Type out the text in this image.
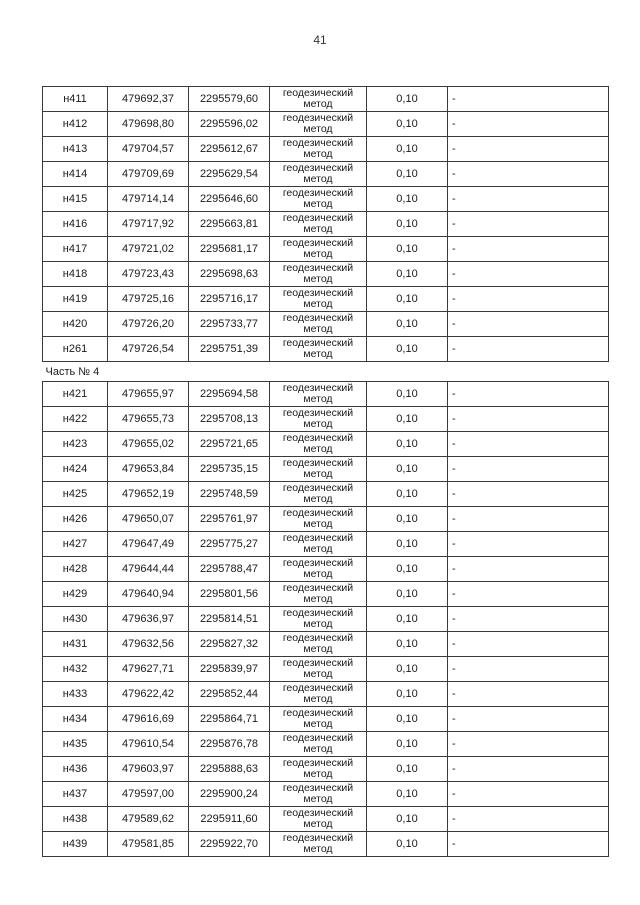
41
н411	479692,37	2295579,60	геодезический метод	0,10	-
н412	479698,80	2295596,02	геодезический метод	0,10	-
н413	479704,57	2295612,67	геодезический метод	0,10	-
н414	479709,69	2295629,54	геодезический метод	0,10	-
н415	479714,14	2295646,60	геодезический метод	0,10	-
н416	479717,92	2295663,81	геодезический метод	0,10	-
н417	479721,02	2295681,17	геодезический метод	0,10	-
н418	479723,43	2295698,63	геодезический метод	0,10	-
н419	479725,16	2295716,17	геодезический метод	0,10	-
н420	479726,20	2295733,77	геодезический метод	0,10	-
н261	479726,54	2295751,39	геодезический метод	0,10	-
Часть № 4					
н421	479655,97	2295694,58	геодезический метод	0,10	-
н422	479655,73	2295708,13	геодезический метод	0,10	-
н423	479655,02	2295721,65	геодезический метод	0,10	-
н424	479653,84	2295735,15	геодезический метод	0,10	-
н425	479652,19	2295748,59	геодезический метод	0,10	-
н426	479650,07	2295761,97	геодезический метод	0,10	-
н427	479647,49	2295775,27	геодезический метод	0,10	-
н428	479644,44	2295788,47	геодезический метод	0,10	-
н429	479640,94	2295801,56	геодезический метод	0,10	-
н430	479636,97	2295814,51	геодезический метод	0,10	-
н431	479632,56	2295827,32	геодезический метод	0,10	-
н432	479627,71	2295839,97	геодезический метод	0,10	-
н433	479622,42	2295852,44	геодезический метод	0,10	-
н434	479616,69	2295864,71	геодезический метод	0,10	-
н435	479610,54	2295876,78	геодезический метод	0,10	-
н436	479603,97	2295888,63	геодезический метод	0,10	-
н437	479597,00	2295900,24	геодезический метод	0,10	-
н438	479589,62	2295911,60	геодезический метод	0,10	-
н439	479581,85	2295922,70	геодезический метод	0,10	-
